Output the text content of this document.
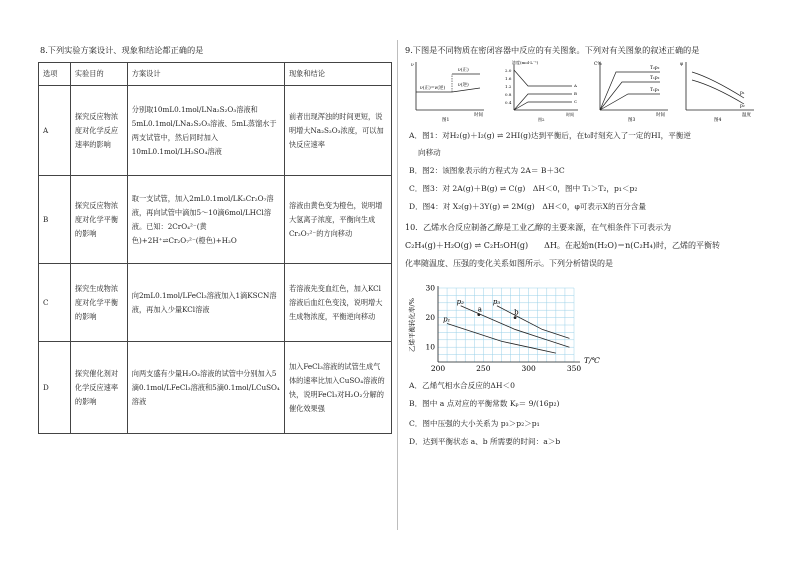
8.下列实验方案设计、现象和结论都正确的是
选项	实验目的	方案设计	现象和结论
A	探究反应物浓度对化学反应速率的影响	分别取10mL0.1mol/LNa₂S₂O₃溶液和5mL0.1mol/LNa₂S₂O₃溶液、5mL蒸馏水于两支试管中，然后同时加入10mL0.1mol/LH₂SO₄溶液	前者出现浑浊的时间更短，说明增大Na₂S₂O₃浓度，可以加快反应速率
B	探究反应物浓度对化学平衡的影响	取一支试管，加入2mL0.1mol/LK₂Cr₂O₇溶液，再向试管中滴加5～10滴6mol/LHCl溶液。已知：2CrO₄²⁻(黄色)+2H⁺⇌Cr₂O₇²⁻(橙色)+H₂O	溶液由黄色变为橙色，说明增大氢离子浓度，平衡向生成Cr₂O₇²⁻的方向移动
C	探究生成物浓度对化学平衡的影响	向2mL0.1mol/LFeCl₃溶液加入1滴KSCN溶液，再加入少量KCl溶液	若溶液先变血红色，加入KCl溶液后血红色变浅，说明增大生成物浓度，平衡逆向移动
D	探究催化剂对化学反应速率的影响	向两支盛有少量H₂O₂溶液的试管中分别加入5滴0.1mol/LFeCl₃溶液和5滴0.1mol/LCuSO₄溶液	加入FeCl₃溶液的试管生成气体的速率比加入CuSO₄溶液的快，说明FeCl₃对H₂O₂分解的催化效果强
9.下图是不同物质在密闭容器中反应的有关图象。下列对有关图象的叙述正确的是
ν
ν(正)
ν(逆)
ν(正)=ν(逆)
时间
图1
浓度(mol·L⁻¹)
2.0
1.6
1.2
0.8
0.4
A
B
C
时间
图2
C%
T₂p₂
T₁p₂
T₁p₁
时间
图3
φ
p₁
p₂
温度
图4
A．图1：对H₂(g)＋I₂(g) ⇌ 2HI(g)达到平衡后，在t₀时刻充入了一定的HI，平衡逆
向移动
B．图2：该图象表示的方程式为 2A＝ B＋3C
C．图3：对 2A(g)＋B(g) ⇌ C(g)　ΔH＜0，图中 T₁＞T₂，p₁＜p₂
D．图4：对 X₂(g)＋3Y(g) ⇌ 2M(g)　ΔH＜0，φ可表示X的百分含量
10．乙烯水合反应制备乙醇是工业乙醇的主要来源，在气相条件下可表示为
C₂H₄(g)＋H₂O(g) ⇌ C₂H₅OH(g)　　ΔH。在起始n(H₂O)＝n(C₂H₄)时，乙烯的平衡转
化率随温度、压强的变化关系如图所示。下列分析错误的是
200	250	300	350
10
20
30
T/℃
乙烯平衡转化率/%	p₁
p₂	p₃
a	b
A．乙烯气相水合反应的ΔH＜0
B．图中 a 点对应的平衡常数 Kₚ＝ 9/(16p₂)
C．图中压强的大小关系为 p₃＞p₂＞p₁
D．达到平衡状态 a、b 所需要的时间：a＞b
